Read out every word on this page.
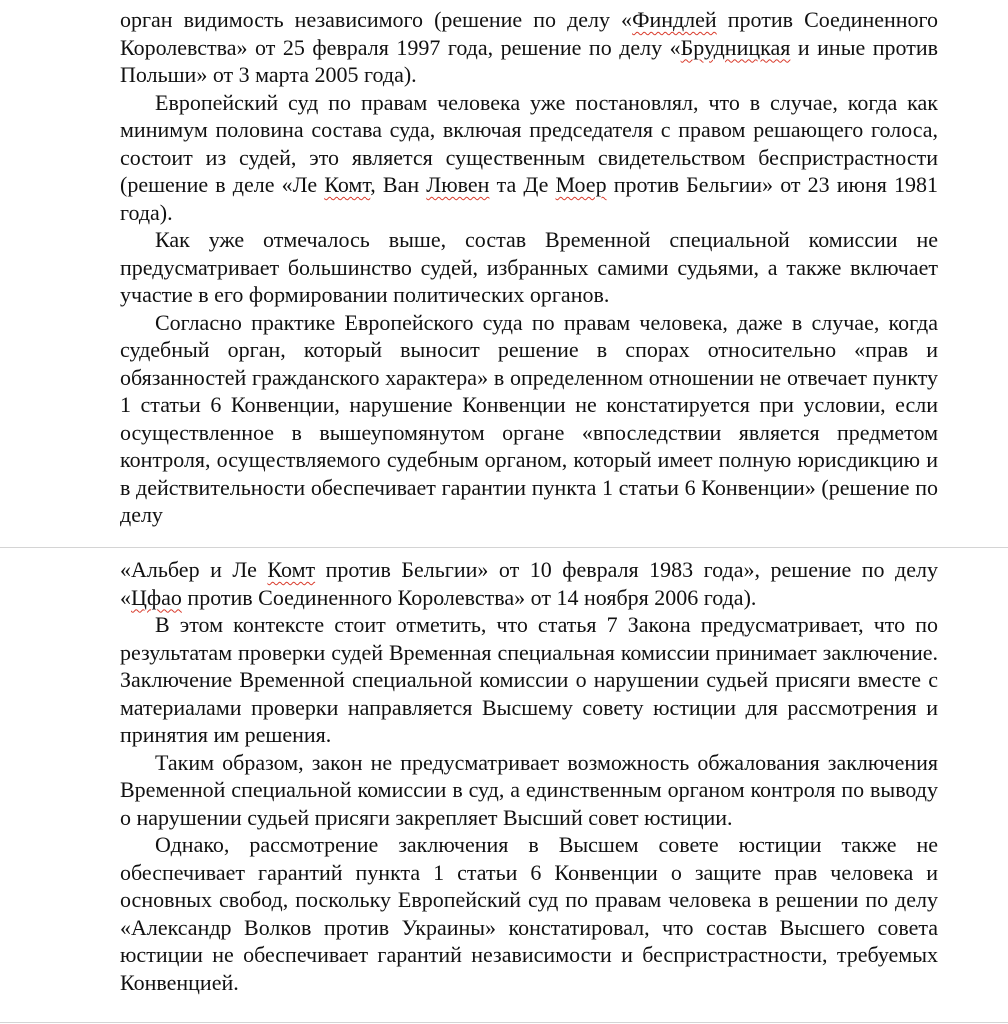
орган видимость независимого (решение по делу «Финдлей против Соединенного Королевства» от 25 февраля 1997 года, решение по делу «Брудницкая и иные против Польши» от 3 марта 2005 года).

Европейский суд по правам человека уже постановлял, что в случае, когда как минимум половина состава суда, включая председателя с правом решающего голоса, состоит из судей, это является существенным свидетельством беспристрастности (решение в деле «Ле Комт, Ван Лювен та Де Моер против Бельгии» от 23 июня 1981 года).

Как уже отмечалось выше, состав Временной специальной комиссии не предусматривает большинство судей, избранных самими судьями, а также включает участие в его формировании политических органов.

Согласно практике Европейского суда по правам человека, даже в случае, когда судебный орган, который выносит решение в спорах относительно «прав и обязанностей гражданского характера» в определенном отношении не отвечает пункту 1 статьи 6 Конвенции, нарушение Конвенции не констатируется при условии, если осуществленное в вышеупомянутом органе «впоследствии является предметом контроля, осуществляемого судебным органом, который имеет полную юрисдикцию и в действительности обеспечивает гарантии пункта 1 статьи 6 Конвенции» (решение по делу

«Альбер и Ле Комт против Бельгии» от 10 февраля 1983 года», решение по делу «Цфао против Соединенного Королевства» от 14 ноября 2006 года).

В этом контексте стоит отметить, что статья 7 Закона предусматривает, что по результатам проверки судей Временная специальная комиссии принимает заключение. Заключение Временной специальной комиссии о нарушении судьей присяги вместе с материалами проверки направляется Высшему совету юстиции для рассмотрения и принятия им решения.

Таким образом, закон не предусматривает возможность обжалования заключения Временной специальной комиссии в суд, а единственным органом контроля по выводу о нарушении судьей присяги закрепляет Высший совет юстиции.

Однако, рассмотрение заключения в Высшем совете юстиции также не обеспечивает гарантий пункта 1 статьи 6 Конвенции о защите прав человека и основных свобод, поскольку Европейский суд по правам человека в решении по делу «Александр Волков против Украины» констатировал, что состав Высшего совета юстиции не обеспечивает гарантий независимости и беспристрастности, требуемых Конвенцией.
